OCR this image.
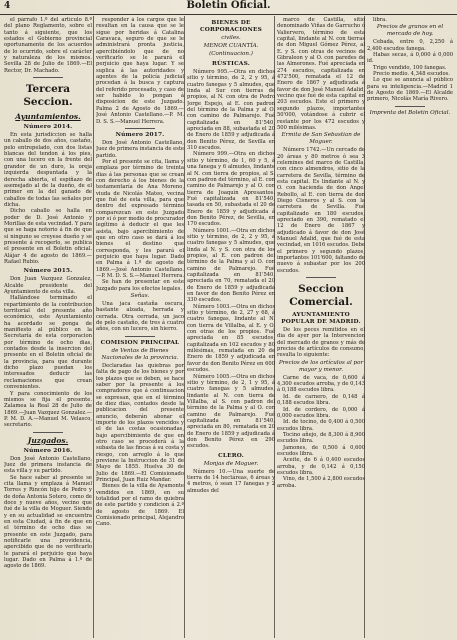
4	Boletin Oficial.

el párrafo 1.º del artículo 8.º del plano Reglamento, sobre el tanto á siguiente, que los estados el Gobierno provincial oportunamente de los acuerdos de lo ocurrido, sobre el carácter y naturaleza de los mismos. Sevilla 28 de Julio de 1869.—El Rector, Dr. Machado.

Tercera Seccion.
Ayuntamientos.
Número 2014.

En esta jurisdiccion se halla un caballo de dos años, castaño, pelo entrepelado, con dos listas blancas del tendon á los pies, con una lucero en la frente del grandor de un duro, la oreja izquierda despuntada y la derecha abierta, el espiñazo de asemejado al de la dueño, de el primer en la del ganado de caballos de todas las señales por dicha.

Dicho caballo se halla en poder de D. José Antonio y Morillas de esta vecindad. Y para que se haga notorio á fin de que si ninguno se creyese dueño y se presente á recogerlo, se publica el presente en el Boletin oficial. Alájar 4 de agosto de 1869.—Rafael Rubio.

Número 2015.

Don Juan Vazquez Gonzalez, Alcalde presidente del Ayuntamiento de esta villa.

Hallándose terminado el repartimiento de la contribucion territorial del presente año económico, este Ayuntamiento ha acordado se ponga de manifiesto al público en la Secretaría de esta corporacion por término de ocho dias, contados desde la insercion del presente en el Boletin oficial de la provincia, para que durante dicho plazo puedan los interesados deducir las reclamaciones que crean convenientes.

Y para conocimiento de los mismos se fija el presente. Zalamea la Real 28 de Julio de 1869.—Juan Vazquez Gonzalez.—P. M. D. A.—Manuel M. Velasco, secretario.

Juzgados.
Número 2016.

Don José Antonio Castellano, Juez de primera instancia de esta villa y su partido.

Se hace saber al presente se cita llama y emplaza á Manuel Torres y Rincón hijo de Pedro y de doña Antonia Sotero, como de doce y nueve años, vecino que fué de la villa de Moguer. Siendo y en su actualidad se encuentra en esta Ciudad, á fin de que en el término de ocho dias se presente en este Juzgado, para notificarle una providencia, apercibido que de no verificarlo le parará el perjuicio que haya lugar. Dado en Palma á 1.º de agosto de 1869.

responder á los cargos que le resultan en la causa que se le sigue por heridas á Catalina Caravaca, seguro de que se le administrará pronta justicia, apercibiéndolo que de no verificarlo se le parará el perjuicio que haya lugar. Y se suplica á las autoridades y agentes de la policía judicial procedan á la busca y captura del referido procesado, y caso de ser habido lo pongan á disposicion de este Juzgado. Palma 2 de Agosto de 1869.—José Antonio Castellano.—P. M. D. S. S.—Manuel Herrera.

Número 2017.

Don José Antonio Castellano, Juez de primera instancia de este partido.

Por el presente se cita, llama y emplaza por término de treinta dias á las personas que se crean con derecho á los bienes de la testamentaría de Ana Moreno, viuda de Nicolás Mateo, vecina que fué de esta villa, para que dentro del expresado término comparezcan en este Juzgado por si ó por medio de procurador legítimo á deducir el que les asista, bajo apercibimiento de que en otro caso se dará á los bienes el destino que corresponda, y les parará el perjuicio que haya lugar. Dado en Palma á 1.º de agosto de 1869.—José Antonio Castellano.—P. M. D. S. S.—Manuel Herrera.

Se han de presentar en este Juzgado para los efectos legales.

Señas.

Una jaca castaña oscura, bastante alzada, herrada y cerrada. Otra cerrada, un jaco de pelo castaño, de tres á cuatro años, con un lucero, sin hierro.

COMISION PRINCIPAL
de Ventas de Bienes Nacionales de la provincia.

Declaradas las quiebras por falta de pago de los bienes y por los plazos que se deben, se hace saber por la presente á los compradores que á continuacion se expresan, que en el término de diez dias, contados desde la publicacion del presente anuncio, deberán abonar el importe de los plazos vencidos y el de las costas ocasionadas, bajo apercibimiento de que en otro caso se procederá á la subasta de las fincas á su costa y riesgo, con arreglo á lo que previene la Instruccion de 31 de Mayo de 1855. Huelva 30 de Julio de 1869.—El Comisionado Principal, Juan Ruiz Mandar.

Bienes de la villa de Ayamonte vendidos en 1869, en su totalidad por el ramo de quiebra de este partido y condicion á 2.º de agosto de 1869. El Comisionado principal, Alejandro Cano.

BIENES DE CORPORACIONES
civiles.
MENOR CUANTÍA.
(Continuacion.)
RÚSTICAS.

Número 995.—Otra en dichos sitio y término, de 2, 2 y 95, á cuatro fanegas y 5 almudes, que linda al Sur con tierras de propios, al N. con otra de Pedro Jorge Espejo, al E. con padron del término de la Palma y al O. con camino de Palmarejo. Fué capitalizada en 81'540, apreciada en 88, subastada el 20 de Enero de 1859 y adjudicada á don Benito Pérez, de Sevilla en 310 escudos.

Número 999.—Otra en dichos sitio y término, de 1, 60 y 5, á una fanega y 6 almudes, lindante al N. con tierra de propios, al S. con padron del término, al E. con camino de Palmarejo y al O. con tierra de Joaquín Apresantos. Fué capitalizada en 81'540, tasada en 50, subastada el 20 de Enero de 1859 y adjudicada á don Benito Pérez, de Sevilla, en 170 escudos.

Número 1001.—Otra en dichos sitio y término, de 2, 2 y 95, á cuatro fanegas y 5 almudes, que linda al N. y S. con otra de los propios, al E. con padron del término de la Palma y al O. con camino de Palmarejo. Fué capitalizada en 81'540, apreciada en 70, rematada el 20 de Enero de 1859 y adjudicada en favor de don Benito Pérez en 330 escudos.

Número 1003.—Otra en dichos sitio y término, de 2, 27 y 68, á cuatro fanegas, lindante al N. con tierra de Villalba, al E. y O. con otras de los propios. Fué apreciada en 85 escudos, capitalizada en 102 escudos y 80 milésimas, rematada en 20 de Enero de 1859 y adjudicada en favor de don Benito Pérez en 600 escudos.

Número 1005.—Otra en dichos sitio y término, de 2, 1 y 95, á cuatro fanegas y 5 almudes, lindante al N. con tierra de Villalba, al S. con padron del término de la Palma y al O. con camino de Palmarejo. Fué capitalizada en 81'540, apreciada en 80, rematada en 20 de Enero de 1859 y adjudicada á don Benito Pérez en 290 escudos.

CLERO.
Monjas de Moguer.

Número 10.—Una suerte de tierra de 14 hectáreas, 6 áreas y 4 metros, ó sean 17 fanegas y 2 almudes del

marco de Castilla, sitio denominado Viñas de Garrucho ó Valiervero, término de esta capital, lindante al N. con tierras de don Miguel Gómez Pérez, al E. y S. con otras de vecinos de Gibraleon y al O. con paredes de las Almerones. Fué apreciada en 274 escudos, capitalizada en 472'500, rematada el 12 de Enero de 1867 y adjudicada á favor de don José Manuel Adalid, vecino que fué de esta capital en 203 escudos. Este el primero y segundo plazos, importantes 50'000, votándose á cubrir el restante por los 472 escudos y 500 milésimas.

Ermita de San Sebastian de Moguer.

Número 1742.—Un cercado de 20 áreas y 80 metros ó sea 3 celemines del marco de Castilla, con cinco almendros, sitio de la carretera de Sevilla, término de esta capital. Es lindante al N. y O. con hacienda de don Angel Rebollo, al E. con tierra de don Diego Cisneros y al S. con la carretera de Sevilla. Fué capitalizado en 180 escudos, apreciado en 390, rematado el 12 de Enero de 1867 y adjudicado á favor de don José Manuel Adalid, que fué de esta vecindad, en 1016 escudos. Debe el primero y segundo plazos, importantes 101'600, faltando de nuevo á subastar por los 200 escudos.

Seccion Comercial.
AYUNTAMIENTO POPULAR DE MADRID.

De los peces remitidos en el dia de ayer por la Intervencion del mercado de granos y más de precios de artículos de consumo, resulta lo siguiente:

Precios de los artículos al por mayor y menor.

Carne de vaca, de 0,600 á 4,300 escudos arroba, y de 0,143 á 0,188 escudos libra.

Id. de carnero, de 0,148 á 0,188 escudos libra.

Id. de cordero, de 0,000 á 0,000 escudos libra.

Id. de tocino, de 0,400 á 0,500 escudos libra.

Tocino añejo, de 8,300 á 8,900 escudos libra.

Jamones, de 0,500 á 0,600 escudos libra.

Aceite, de 6 á 0,400 escudos arroba, y de 0,142 á 0,150 escudos libra.

Vino, de 1,500 á 2,800 escudos arroba.

libra.

Precios de granos en el mercado de hoy.

Cebada, entre 0, 2,250 á 2,400 escudos fanega.

Habas secas, á 0,000 á 0,000 id.

Trigo vendido, 100 fanegas.

Precio medio. 4,348 escudos.

Lo que se anuncia al público para su inteligencia.—Madrid 1 de Agosto de 1869.—El Alcalde primero, Nicolás María Rivero.

Imprenta del Boletin Oficial.
